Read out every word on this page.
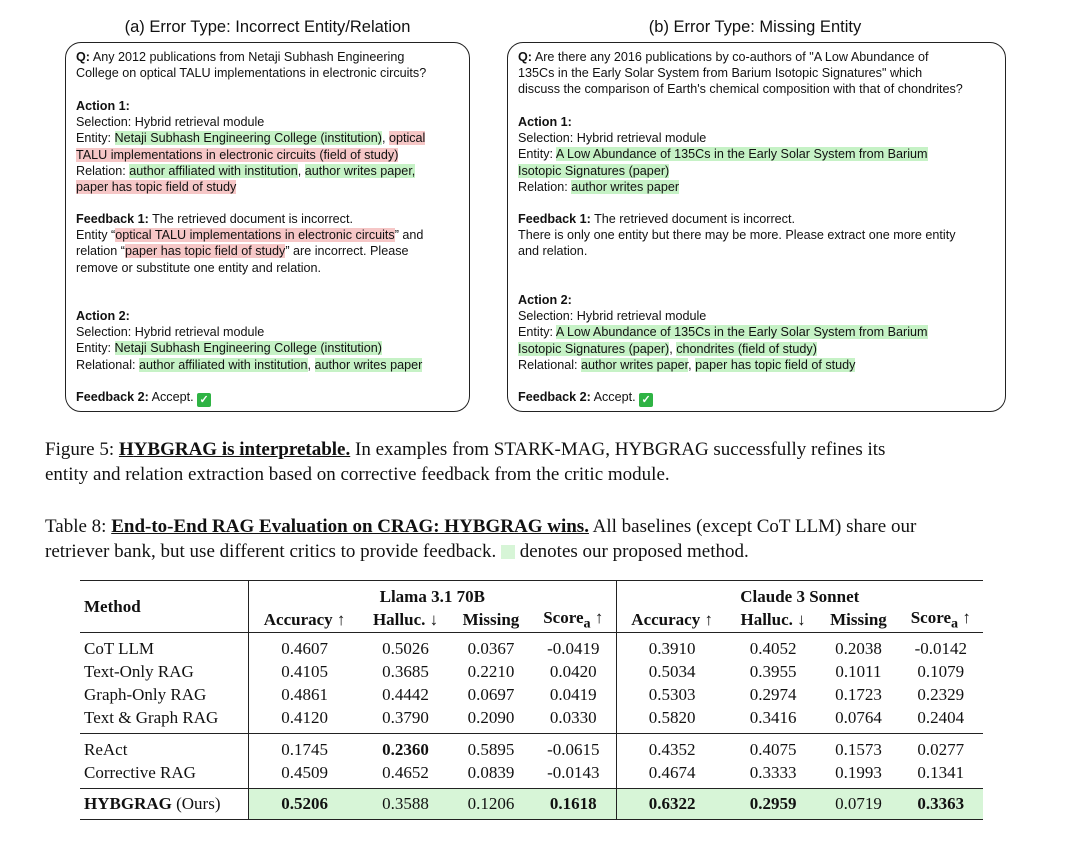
(a) Error Type: Incorrect Entity/Relation	(b) Error Type: Missing Entity
Q: Any 2012 publications from Netaji Subhash Engineering
College on optical TALU implementations in electronic circuits?
Action 1:
Selection: Hybrid retrieval module
Entity: Netaji Subhash Engineering College (institution), optical
TALU implementations in electronic circuits (field of study)
Relation: author affiliated with institution, author writes paper,
paper has topic field of study
Feedback 1: The retrieved document is incorrect.
Entity “optical TALU implementations in electronic circuits” and
relation “paper has topic field of study” are incorrect. Please
remove or substitute one entity and relation.
Action 2:
Selection: Hybrid retrieval module
Entity: Netaji Subhash Engineering College (institution)
Relational: author affiliated with institution, author writes paper
Feedback 2: Accept. ✓
Q: Are there any 2016 publications by co-authors of "A Low Abundance of
135Cs in the Early Solar System from Barium Isotopic Signatures" which
discuss the comparison of Earth's chemical composition with that of chondrites?
Action 1:
Selection: Hybrid retrieval module
Entity: A Low Abundance of 135Cs in the Early Solar System from Barium
Isotopic Signatures (paper)
Relation: author writes paper
Feedback 1: The retrieved document is incorrect.
There is only one entity but there may be more. Please extract one more entity
and relation.
Action 2:
Selection: Hybrid retrieval module
Entity: A Low Abundance of 135Cs in the Early Solar System from Barium
Isotopic Signatures (paper), chondrites (field of study)
Relational: author writes paper, paper has topic field of study
Feedback 2: Accept. ✓
Figure 5: HYBGRAG is interpretable. In examples from STARK-MAG, HYBGRAG successfully refines its
entity and relation extraction based on corrective feedback from the critic module.
Table 8: End-to-End RAG Evaluation on CRAG: HYBGRAG wins. All baselines (except CoT LLM) share our
retriever bank, but use different critics to provide feedback.  denotes our proposed method.
Method	Llama 3.1 70B				Claude 3 Sonnet			
	Accuracy ↑	Halluc. ↓	Missing	Score$_a$ ↑	Accuracy ↑	Halluc. ↓	Missing	Score$_a$ ↑
CoT LLM	0.4607	0.5026	0.0367	-0.0419	0.3910	0.4052	0.2038	-0.0142
Text-Only RAG	0.4105	0.3685	0.2210	0.0420	0.5034	0.3955	0.1011	0.1079
Graph-Only RAG	0.4861	0.4442	0.0697	0.0419	0.5303	0.2974	0.1723	0.2329
Text & Graph RAG	0.4120	0.3790	0.2090	0.0330	0.5820	0.3416	0.0764	0.2404
ReAct	0.1745	0.2360	0.5895	-0.0615	0.4352	0.4075	0.1573	0.0277
Corrective RAG	0.4509	0.4652	0.0839	-0.0143	0.4674	0.3333	0.1993	0.1341
HYBGRAG (Ours)	0.5206	0.3588	0.1206	0.1618	0.6322	0.2959	0.0719	0.3363
